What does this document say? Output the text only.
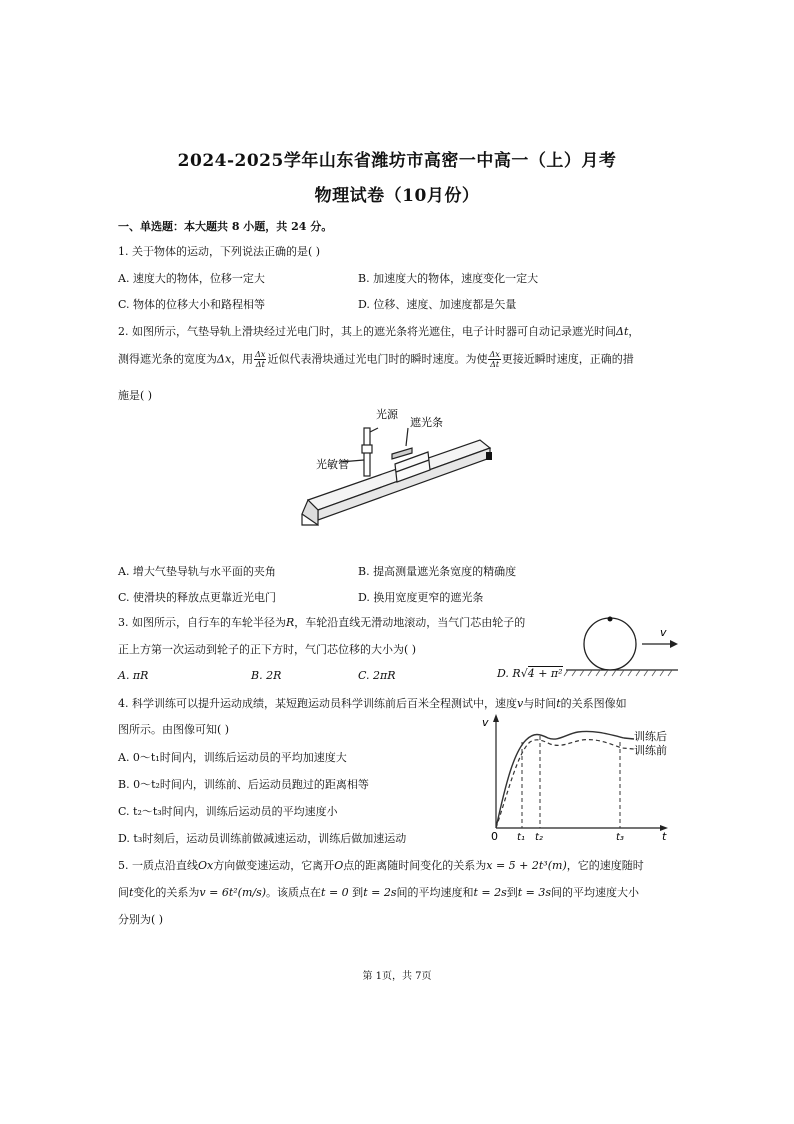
2024-2025学年山东省潍坊市高密一中高一（上）月考
物理试卷（10月份）
一、单选题：本大题共 8 小题，共 24 分。
1. 关于物体的运动，下列说法正确的是( )
A. 速度大的物体，位移一定大	B. 加速度大的物体，速度变化一定大
C. 物体的位移大小和路程相等	D. 位移、速度、加速度都是矢量
2. 如图所示，气垫导轨上滑块经过光电门时，其上的遮光条将光遮住，电子计时器可自动记录遮光时间Δt，
测得遮光条的宽度为Δx，用 $\frac{\Delta x}{\Delta t}$ 近似代表滑块通过光电门时的瞬时速度。为使 $\frac{\Delta x}{\Delta t}$ 更接近瞬时速度，正确的措
施是( )
光源
遮光条
光敏管
A. 增大气垫导轨与水平面的夹角	B. 提高测量遮光条宽度的精确度
C. 使滑块的释放点更靠近光电门	D. 换用宽度更窄的遮光条
3. 如图所示，自行车的车轮半径为R，车轮沿直线无滑动地滚动，当气门芯由轮子的
正上方第一次运动到轮子的正下方时，气门芯位移的大小为( )
v
A. πR	B. 2R	C. 2πR	D. R√4 + π²
4. 科学训练可以提升运动成绩，某短跑运动员科学训练前后百米全程测试中，速度v与时间t的关系图像如
图所示。由图像可知( )
A. 0～t₁时间内，训练后运动员的平均加速度大
B. 0～t₂时间内，训练前、后运动员跑过的距离相等
C. t₂～t₃时间内，训练后运动员的平均速度小
D. t₃时刻后，运动员训练前做减速运动，训练后做加速运动
v
t
0 t₁ t₂	t₃
训练后
训练前
5. 一质点沿直线Ox方向做变速运动，它离开O点的距离随时间变化的关系为x = 5 + 2t³(m)，它的速度随时
间t变化的关系为v = 6t²(m/s)。该质点在t = 0 到t = 2s间的平均速度和t = 2s到t = 3s间的平均速度大小
分别为( )
第 1页，共 7页
